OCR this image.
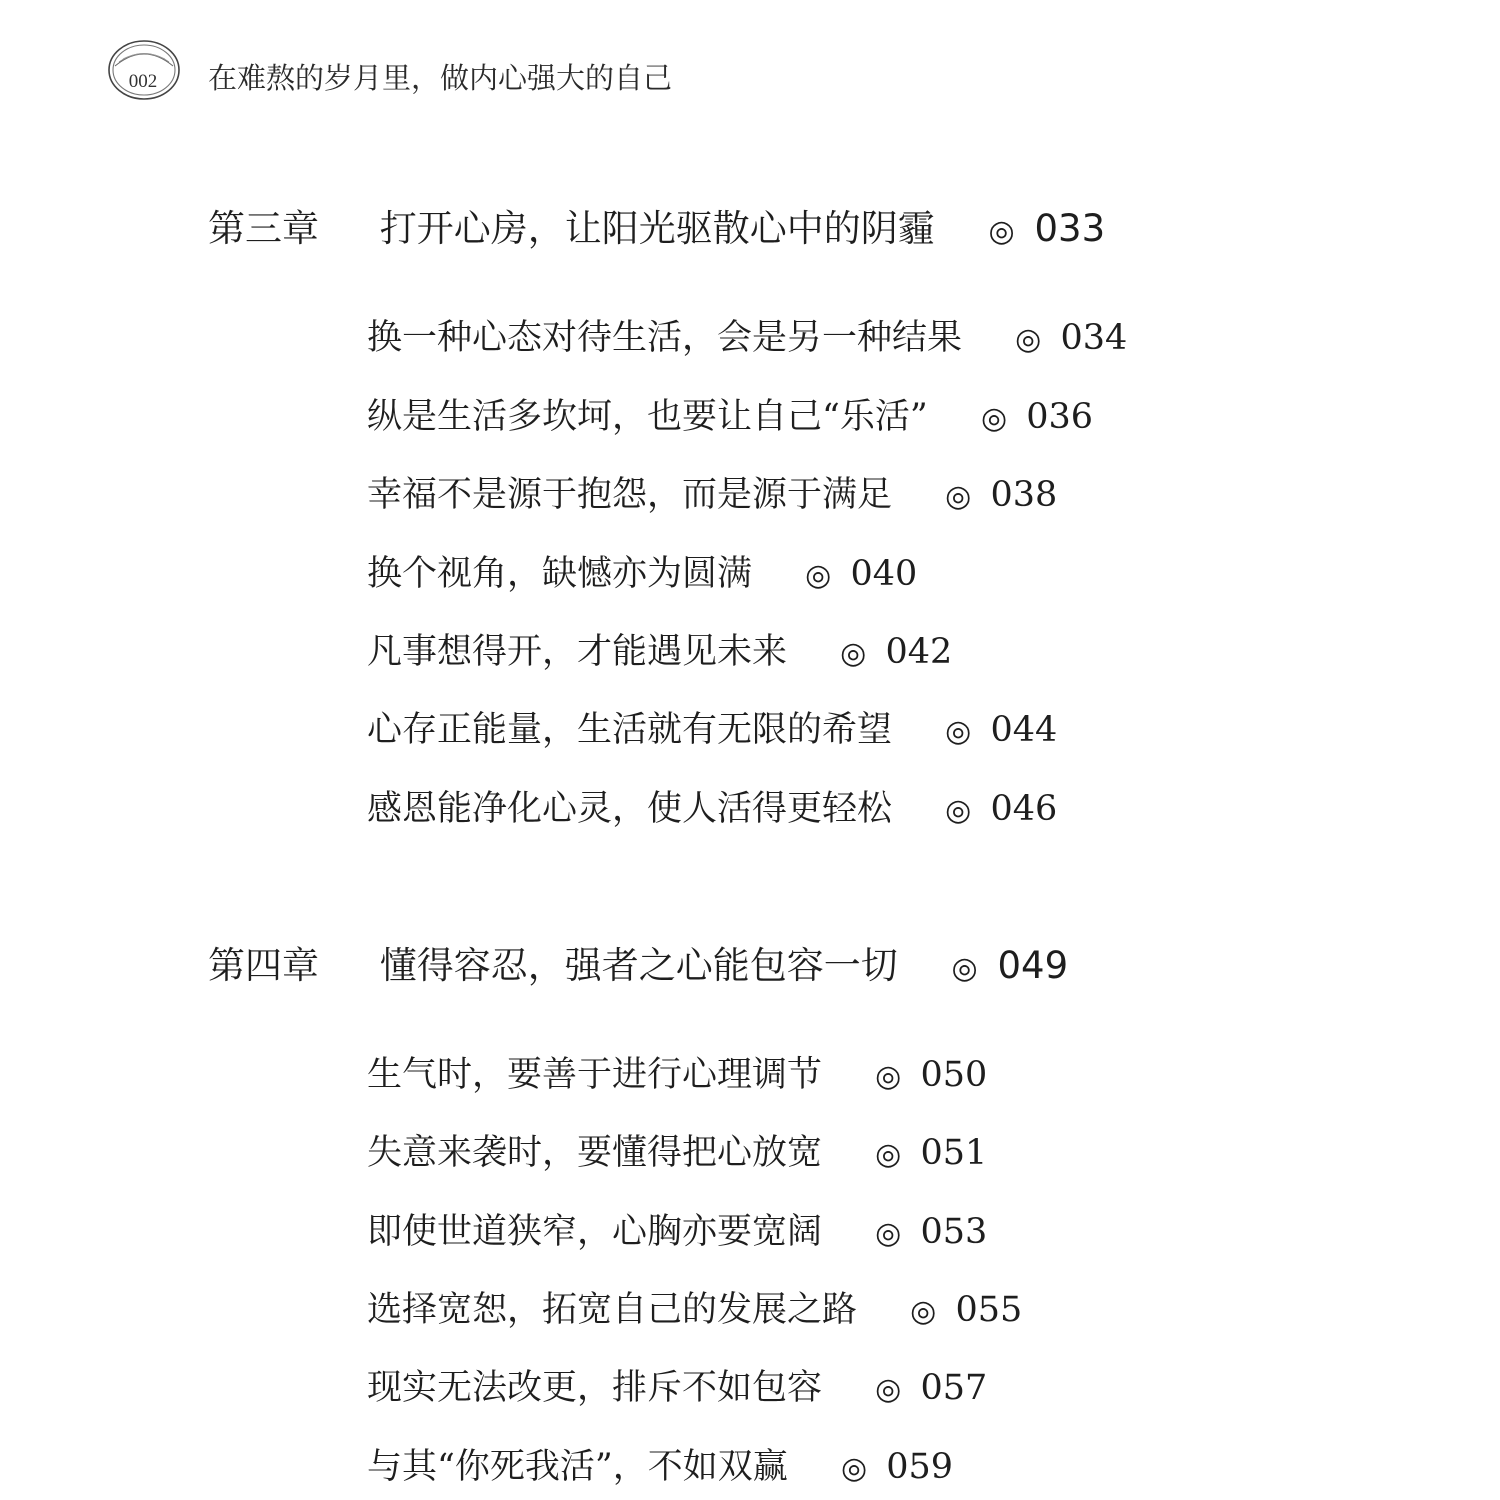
002	在难熬的岁月里，做内心强大的自己
第三章 打开心房，让阳光驱散心中的阴霾 ◎ 033
换一种心态对待生活，会是另一种结果 ◎ 034
纵是生活多坎坷，也要让自己“乐活” ◎ 036
幸福不是源于抱怨，而是源于满足 ◎ 038
换个视角，缺憾亦为圆满 ◎ 040
凡事想得开，才能遇见未来 ◎ 042
心存正能量，生活就有无限的希望 ◎ 044
感恩能净化心灵，使人活得更轻松 ◎ 046
第四章 懂得容忍，强者之心能包容一切 ◎ 049
生气时，要善于进行心理调节 ◎ 050
失意来袭时，要懂得把心放宽 ◎ 051
即使世道狭窄，心胸亦要宽阔 ◎ 053
选择宽恕，拓宽自己的发展之路 ◎ 055
现实无法改更，排斥不如包容 ◎ 057
与其“你死我活”，不如双赢 ◎ 059
